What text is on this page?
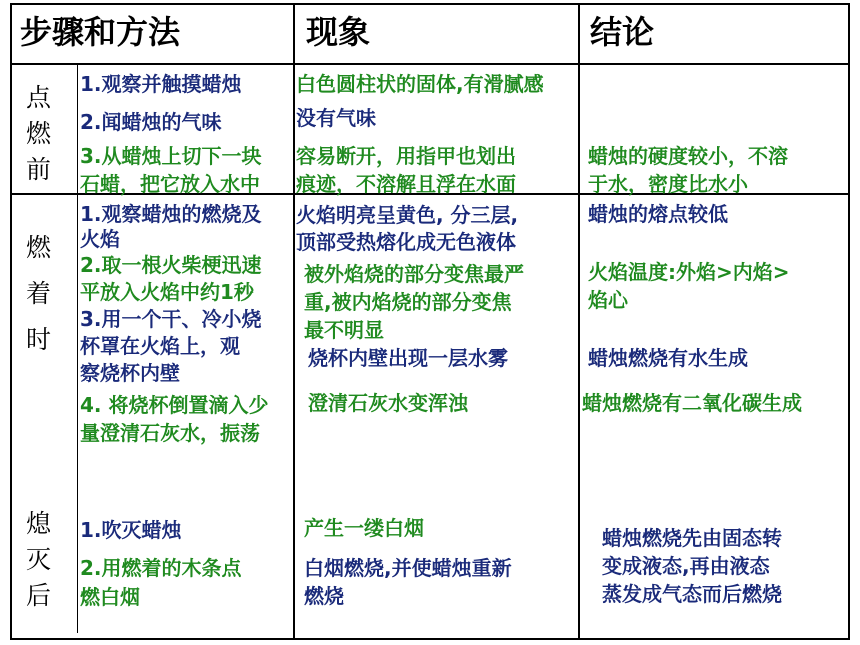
步骤和方法	现象	结论
点
燃
前
燃
着
时
熄
灭
后
1.观察并触摸蜡烛
2.闻蜡烛的气味
3.从蜡烛上切下一块
石蜡，把它放入水中
白色圆柱状的固体,有滑腻感
没有气味
容易断开，用指甲也划出
痕迹，不溶解且浮在水面
蜡烛的硬度较小，不溶
于水，密度比水小
1.观察蜡烛的燃烧及
火焰
2.取一根火柴梗迅速
平放入火焰中约1秒
3.用一个干、冷小烧
杯罩在火焰上，观
察烧杯内壁
4. 将烧杯倒置滴入少
量澄清石灰水，振荡
火焰明亮呈黄色, 分三层,
顶部受热熔化成无色液体
被外焰烧的部分变焦最严
重,被内焰烧的部分变焦
最不明显
烧杯内壁出现一层水雾
澄清石灰水变浑浊
蜡烛的熔点较低
火焰温度:外焰>内焰>
焰心
蜡烛燃烧有水生成
蜡烛燃烧有二氧化碳生成
1.吹灭蜡烛
2.用燃着的木条点
燃白烟
产生一缕白烟
白烟燃烧,并使蜡烛重新
燃烧
蜡烛燃烧先由固态转
变成液态,再由液态
蒸发成气态而后燃烧
